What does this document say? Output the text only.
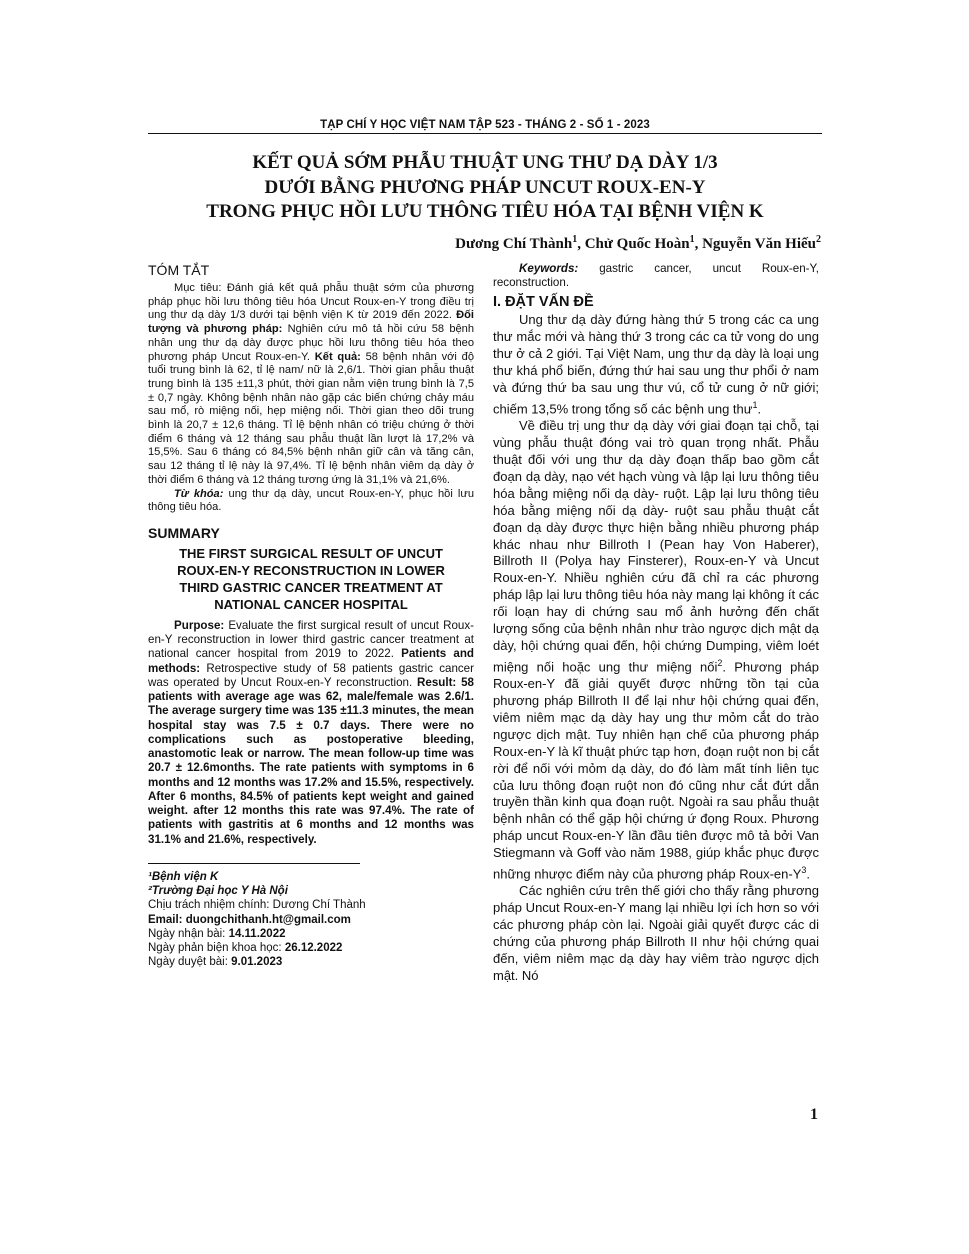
TẠP CHÍ Y HỌC VIỆT NAM TẬP 523 - THÁNG 2 - SỐ 1 - 2023
KẾT QUẢ SỚM PHẪU THUẬT UNG THƯ DẠ DÀY 1/3
DƯỚI BẰNG PHƯƠNG PHÁP UNCUT ROUX-EN-Y
TRONG PHỤC HỒI LƯU THÔNG TIÊU HÓA TẠI BỆNH VIỆN K
Dương Chí Thành$^1$, Chử Quốc Hoàn$^1$, Nguyễn Văn Hiếu$^2$
TÓM TẮT

Mục tiêu: Đánh giá kết quả phẫu thuật sớm của phương pháp phục hồi lưu thông tiêu hóa Uncut Roux-en-Y trong điều trị ung thư dạ dày 1/3 dưới tại bệnh viện K từ 2019 đến 2022. Đối tượng và phương pháp: Nghiên cứu mô tả hồi cứu 58 bệnh nhân ung thư dạ dày được phục hồi lưu thông tiêu hóa theo phương pháp Uncut Roux-en-Y. Kết quả: 58 bệnh nhân với độ tuổi trung bình là 62, tỉ lệ nam/ nữ là 2,6/1. Thời gian phẫu thuật trung bình là 135 ±11,3 phút, thời gian nằm viện trung bình là 7,5 ± 0,7 ngày. Không bệnh nhân nào gặp các biến chứng chảy máu sau mổ, rò miệng nối, hẹp miệng nối. Thời gian theo dõi trung bình là 20,7 ± 12,6 tháng. Tỉ lệ bệnh nhân có triệu chứng ở thời điểm 6 tháng và 12 tháng sau phẫu thuật lần lượt là 17,2% và 15,5%. Sau 6 tháng có 84,5% bệnh nhân giữ cân và tăng cân, sau 12 tháng tỉ lệ này là 97,4%. Tỉ lệ bệnh nhân viêm dạ dày ở thời điểm 6 tháng và 12 tháng tương ứng là 31,1% và 21,6%.

Từ khóa: ung thư dạ dày, uncut Roux-en-Y, phục hồi lưu thông tiêu hóa.

SUMMARY
THE FIRST SURGICAL RESULT OF UNCUT
ROUX-EN-Y RECONSTRUCTION IN LOWER
THIRD GASTRIC CANCER TREATMENT AT
NATIONAL CANCER HOSPITAL

Purpose: Evaluate the first surgical result of uncut Roux-en-Y reconstruction in lower third gastric cancer treatment at national cancer hospital from 2019 to 2022. Patients and methods: Retrospective study of 58 patients gastric cancer was operated by Uncut Roux-en-Y reconstruction. Result: 58 patients with average age was 62, male/female was 2.6/1. The average surgery time was 135 ±11.3 minutes, the mean hospital stay was 7.5 ± 0.7 days. There were no complications such as postoperative bleeding, anastomotic leak or narrow. The mean follow-up time was 20.7 ± 12.6months. The rate patients with symptoms in 6 months and 12 months was 17.2% and 15.5%, respectively. After 6 months, 84.5% of patients kept weight and gained weight. after 12 months this rate was 97.4%. The rate of patients with gastritis at 6 months and 12 months was 31.1% and 21.6%, respectively.

¹Bệnh viện K

²Trường Đại học Y Hà Nội

Chịu trách nhiệm chính: Dương Chí Thành

Email: duongchithanh.ht@gmail.com

Ngày nhận bài: 14.11.2022

Ngày phản biện khoa học: 26.12.2022

Ngày duyệt bài: 9.01.2023

Keywords: gastric cancer, uncut Roux-en-Y, reconstruction.

I. ĐẶT VẤN ĐỀ

Ung thư dạ dày đứng hàng thứ 5 trong các ca ung thư mắc mới và hàng thứ 3 trong các ca tử vong do ung thư ở cả 2 giới. Tại Việt Nam, ung thư dạ dày là loại ung thư khá phổ biến, đứng thứ hai sau ung thư phổi ở nam và đứng thứ ba sau ung thư vú, cổ tử cung ở nữ giới; chiếm 13,5% trong tổng số các bệnh ung thư$^1$.

Về điều trị ung thư dạ dày với giai đoạn tại chỗ, tại vùng phẫu thuật đóng vai trò quan trọng nhất. Phẫu thuật đối với ung thư dạ dày đoạn thấp bao gồm cắt đoạn dạ dày, nạo vét hạch vùng và lập lại lưu thông tiêu hóa bằng miệng nối dạ dày- ruột. Lập lại lưu thông tiêu hóa bằng miệng nối dạ dày- ruột sau phẫu thuật cắt đoạn dạ dày được thực hiện bằng nhiều phương pháp khác nhau như Billroth I (Pean hay Von Haberer), Billroth II (Polya hay Finsterer), Roux-en-Y và Uncut Roux-en-Y. Nhiều nghiên cứu đã chỉ ra các phương pháp lập lại lưu thông tiêu hóa này mang lại không ít các rối loạn hay di chứng sau mổ ảnh hưởng đến chất lượng sống của bệnh nhân như trào ngược dịch mật dạ dày, hội chứng quai đến, hội chứng Dumping, viêm loét miệng nối hoặc ung thư miệng nối$^2$. Phương pháp Roux-en-Y đã giải quyết được những tồn tại của phương pháp Billroth II để lại như hội chứng quai đến, viêm niêm mạc dạ dày hay ung thư mỏm cắt do trào ngược dịch mật. Tuy nhiên hạn chế của phương pháp Roux-en-Y là kĩ thuật phức tạp hơn, đoạn ruột non bị cắt rời để nối với mỏm dạ dày, do đó làm mất tính liên tục của lưu thông đoạn ruột non đó cũng như cắt đứt dẫn truyền thần kinh qua đoạn ruột. Ngoài ra sau phẫu thuật bệnh nhân có thể gặp hội chứng ứ đọng Roux. Phương pháp uncut Roux-en-Y lần đầu tiên được mô tả bởi Van Stiegmann và Goff vào năm 1988, giúp khắc phục được những nhược điểm này của phương pháp Roux-$en-Y^3$.

Các nghiên cứu trên thế giới cho thấy rằng phương pháp Uncut Roux-en-Y mang lại nhiều lợi ích hơn so với các phương pháp còn lại. Ngoài giải quyết được các di chứng của phương pháp Billroth II như hội chứng quai đến, viêm niêm mạc dạ dày hay viêm trào ngược dịch mật. Nó

1
